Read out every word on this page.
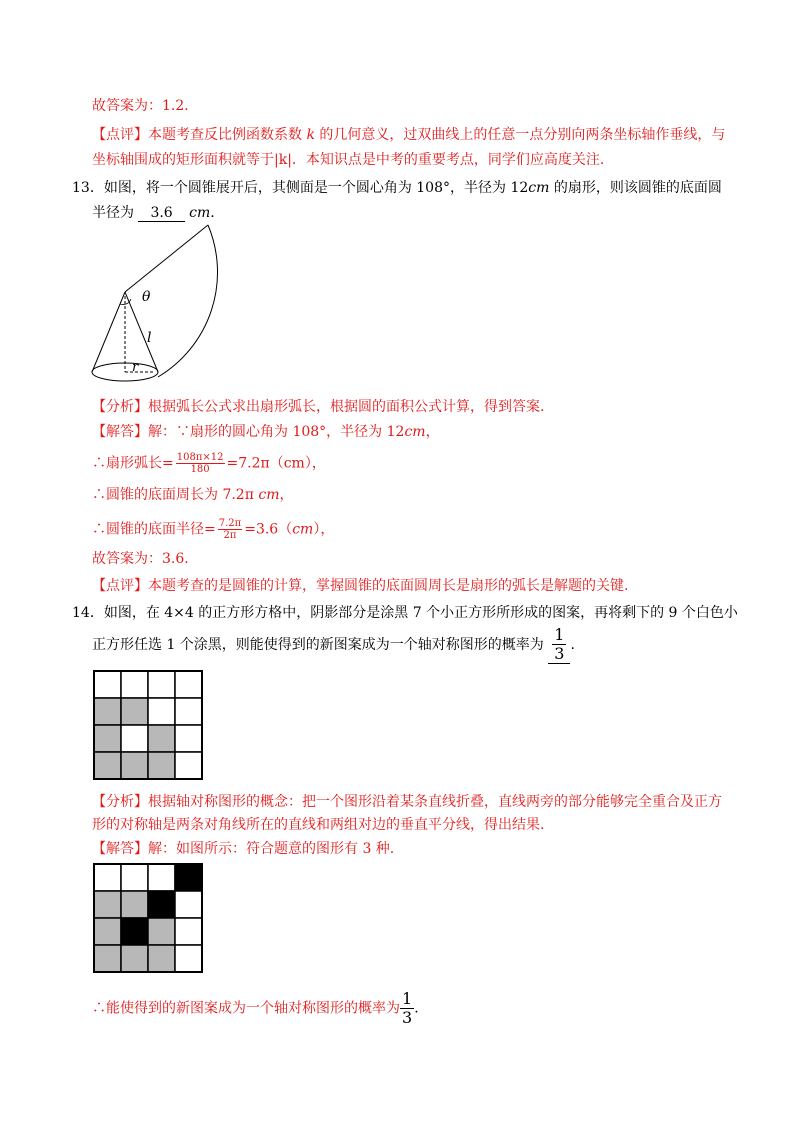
故答案为：1.2.
【点评】本题考查反比例函数系数 k 的几何意义，过双曲线上的任意一点分别向两条坐标轴作垂线，与
坐标轴围成的矩形面积就等于|k|．本知识点是中考的重要考点，同学们应高度关注.
13．如图，将一个圆锥展开后，其侧面是一个圆心角为 108°，半径为 12cm 的扇形，则该圆锥的底面圆
半径为 3.6 cm.
θ
l
r
【分析】根据弧长公式求出扇形弧长，根据圆的面积公式计算，得到答案.
【解答】解：∵扇形的圆心角为 108°，半径为 12cm，
∴扇形弧长= $\frac{108\pi\times 12}{180} =7.2\pi(cm)$，
∴圆锥的底面周长为 7.2π cm，
∴圆锥的底面半径= $\frac{7.2\pi}{2\pi} =3.6(cm)$，
故答案为：3.6.
【点评】本题考查的是圆锥的计算，掌握圆锥的底面圆周长是扇形的弧长是解题的关键.
14．如图，在 4×4 的正方形方格中，阴影部分是涂黑 7 个小正方形所形成的图案，再将剩下的 9 个白色小
正方形任选 1 个涂黑，则能使得到的新图案成为一个轴对称图形的概率为 $\frac{1}{3}$ .
【分析】根据轴对称图形的概念：把一个图形沿着某条直线折叠，直线两旁的部分能够完全重合及正方
形的对称轴是两条对角线所在的直线和两组对边的垂直平分线，得出结果.
【解答】解：如图所示：符合题意的图形有 3 种.
∴能使得到的新图案成为一个轴对称图形的概率为 $\frac{1}{3}$ .
